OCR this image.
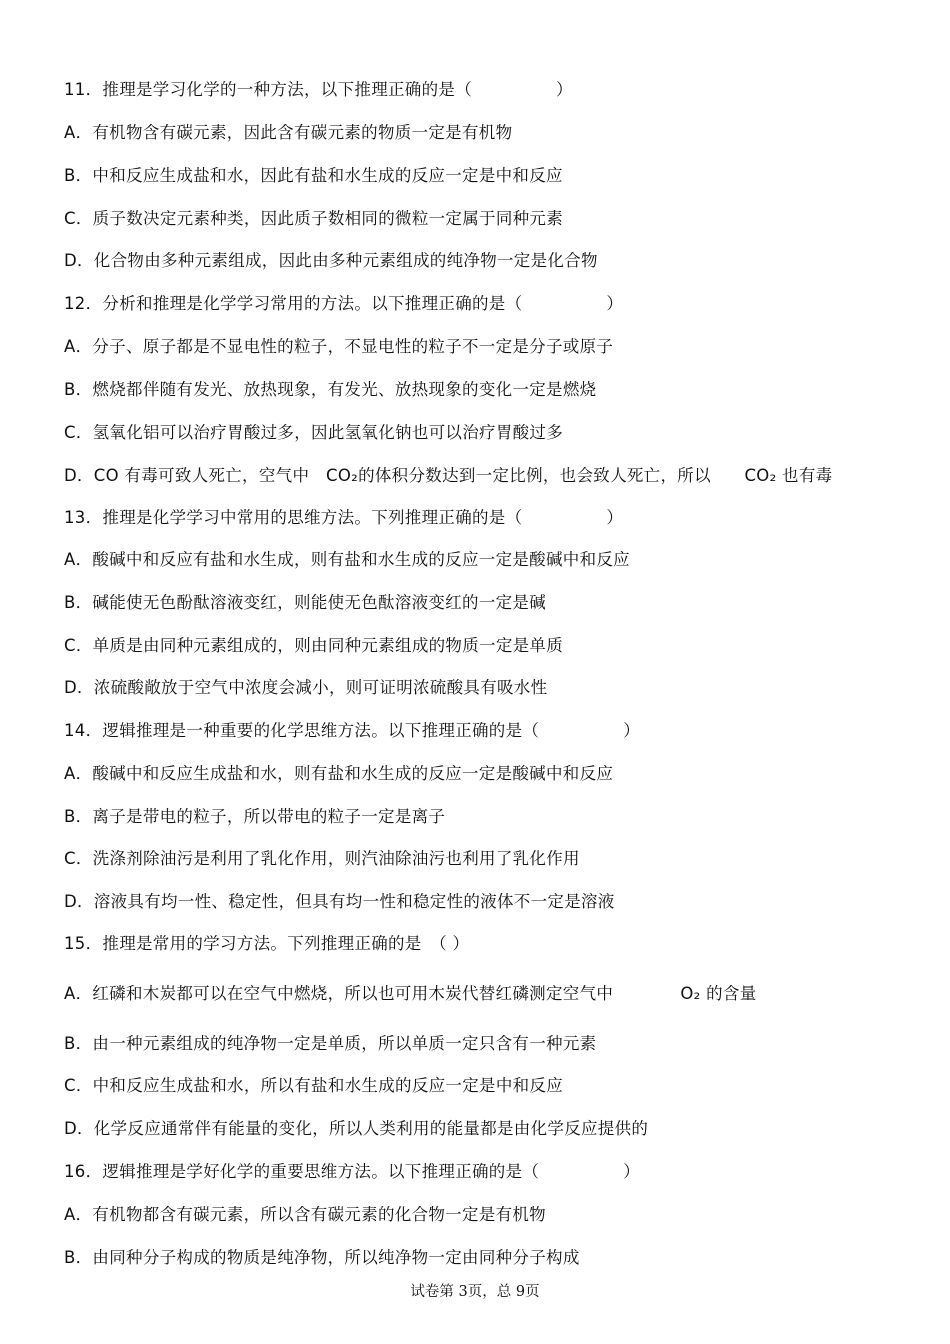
11．推理是学习化学的一种方法，以下推理正确的是（　　　　　）
A．有机物含有碳元素，因此含有碳元素的物质一定是有机物
B．中和反应生成盐和水，因此有盐和水生成的反应一定是中和反应
C．质子数决定元素种类，因此质子数相同的微粒一定属于同种元素
D．化合物由多种元素组成，因此由多种元素组成的纯净物一定是化合物
12．分析和推理是化学学习常用的方法。以下推理正确的是（　　　　　）
A．分子、原子都是不显电性的粒子，不显电性的粒子不一定是分子或原子
B．燃烧都伴随有发光、放热现象，有发光、放热现象的变化一定是燃烧
C．氢氧化铝可以治疗胃酸过多，因此氢氧化钠也可以治疗胃酸过多
D．CO 有毒可致人死亡，空气中　CO₂的体积分数达到一定比例，也会致人死亡，所以　　CO₂ 也有毒
13．推理是化学学习中常用的思维方法。下列推理正确的是（　　　　　）
A．酸碱中和反应有盐和水生成，则有盐和水生成的反应一定是酸碱中和反应
B．碱能使无色酚酞溶液变红，则能使无色酞溶液变红的一定是碱
C．单质是由同种元素组成的，则由同种元素组成的物质一定是单质
D．浓硫酸敞放于空气中浓度会减小，则可证明浓硫酸具有吸水性
14．逻辑推理是一种重要的化学思维方法。以下推理正确的是（　　　　　）
A．酸碱中和反应生成盐和水，则有盐和水生成的反应一定是酸碱中和反应
B．离子是带电的粒子，所以带电的粒子一定是离子
C．洗涤剂除油污是利用了乳化作用，则汽油除油污也利用了乳化作用
D．溶液具有均一性、稳定性，但具有均一性和稳定性的液体不一定是溶液
15．推理是常用的学习方法。下列推理正确的是　（ ）
A．红磷和木炭都可以在空气中燃烧，所以也可用木炭代替红磷测定空气中　　　　O₂ 的含量
B．由一种元素组成的纯净物一定是单质，所以单质一定只含有一种元素
C．中和反应生成盐和水，所以有盐和水生成的反应一定是中和反应
D．化学反应通常伴有能量的变化，所以人类利用的能量都是由化学反应提供的
16．逻辑推理是学好化学的重要思维方法。以下推理正确的是（　　　　　）
A．有机物都含有碳元素，所以含有碳元素的化合物一定是有机物
B．由同种分子构成的物质是纯净物，所以纯净物一定由同种分子构成
试卷第 3页，总 9页
